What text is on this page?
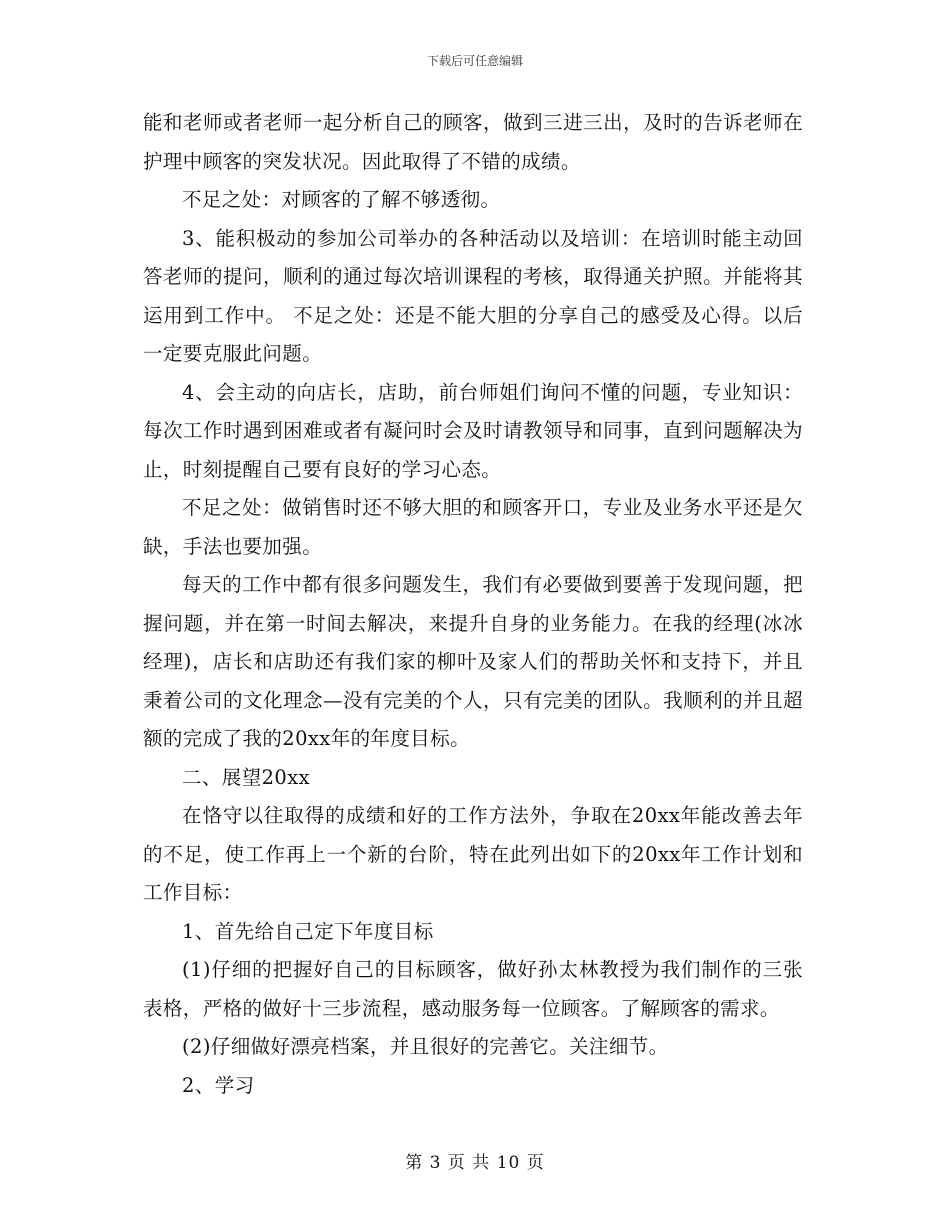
下载后可任意编辑

能和老师或者老师一起分析自己的顾客，做到三进三出，及时的告诉老师在护理中顾客的突发状况。因此取得了不错的成绩。

不足之处：对顾客的了解不够透彻。

3、能积极动的参加公司举办的各种活动以及培训：在培训时能主动回答老师的提问，顺利的通过每次培训课程的考核，取得通关护照。并能将其运用到工作中。 不足之处：还是不能大胆的分享自己的感受及心得。以后一定要克服此问题。

4、会主动的向店长，店助，前台师姐们询问不懂的问题，专业知识：每次工作时遇到困难或者有凝问时会及时请教领导和同事，直到问题解决为止，时刻提醒自己要有良好的学习心态。

不足之处：做销售时还不够大胆的和顾客开口，专业及业务水平还是欠缺，手法也要加强。

每天的工作中都有很多问题发生，我们有必要做到要善于发现问题，把握问题，并在第一时间去解决，来提升自身的业务能力。在我的经理(冰冰经理)，店长和店助还有我们家的柳叶及家人们的帮助关怀和支持下，并且秉着公司的文化理念—没有完美的个人，只有完美的团队。我顺利的并且超额的完成了我的20xx年的年度目标。

二、展望20xx

在恪守以往取得的成绩和好的工作方法外，争取在20xx年能改善去年的不足，使工作再上一个新的台阶，特在此列出如下的20xx年工作计划和工作目标：

1、首先给自己定下年度目标

(1)仔细的把握好自己的目标顾客，做好孙太林教授为我们制作的三张表格，严格的做好十三步流程，感动服务每一位顾客。了解顾客的需求。

(2)仔细做好漂亮档案，并且很好的完善它。关注细节。

2、学习

第 3 页 共 10 页
